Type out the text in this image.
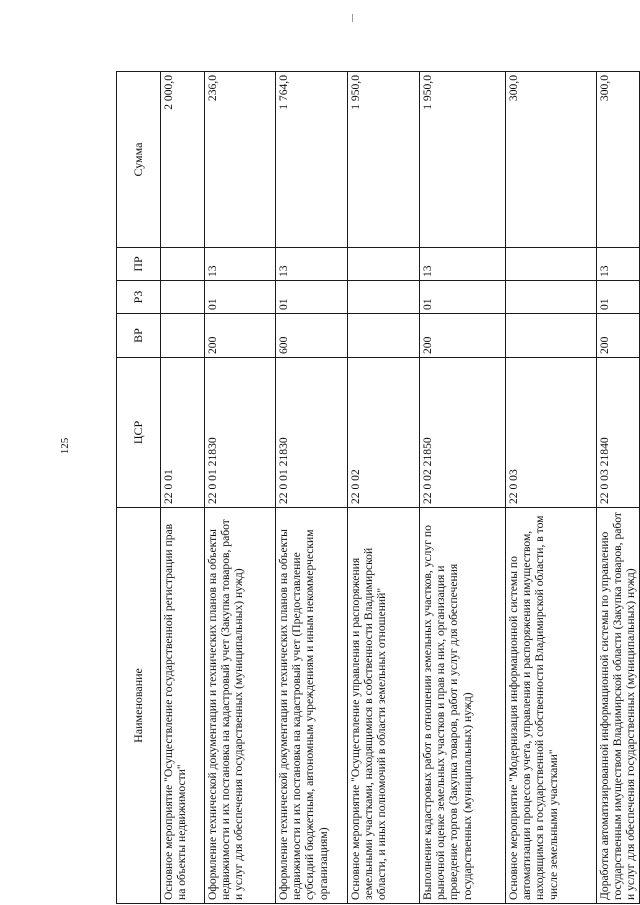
125
Наименование	ЦСР	ВР	РЗ	ПР	Сумма
Основное мероприятие "Осуществление государственной регистрации прав на объекты недвижимости"	22 0 01				2 000,0
Оформление технической документации и технических планов на объекты недвижимости и их постановка на кадастровый учет (Закупка товаров, работ и услуг для обеспечения государственных (муниципальных) нужд)	22 0 01 21830	200	01	13	236,0
Оформление технической документации и технических планов на объекты недвижимости и их постановка на кадастровый учет (Предоставление субсидий бюджетным, автономным учреждениям и иным некоммерческим организациям)	22 0 01 21830	600	01	13	1 764,0
Основное мероприятие "Осуществление управления и распоряжения земельными участками, находящимися в собственности Владимирской области, и иных полномочий в области земельных отношений"	22 0 02				1 950,0
Выполнение кадастровых работ в отношении земельных участков, услуг по рыночной оценке земельных участков и прав на них, организация и проведение торгов (Закупка товаров, работ и услуг для обеспечения государственных (муниципальных) нужд)	22 0 02 21850	200	01	13	1 950,0
Основное мероприятие "Модернизация информационной системы по автоматизации процессов учета, управления и распоряжения имуществом, находящимся в государственной собственности Владимирской области, в том числе земельными участками"	22 0 03				300,0
Доработка автоматизированной информационной системы по управлению государственным имуществом Владимирской области (Закупка товаров, работ и услуг для обеспечения государственных (муниципальных) нужд)	22 0 03 21840	200	01	13	300,0
